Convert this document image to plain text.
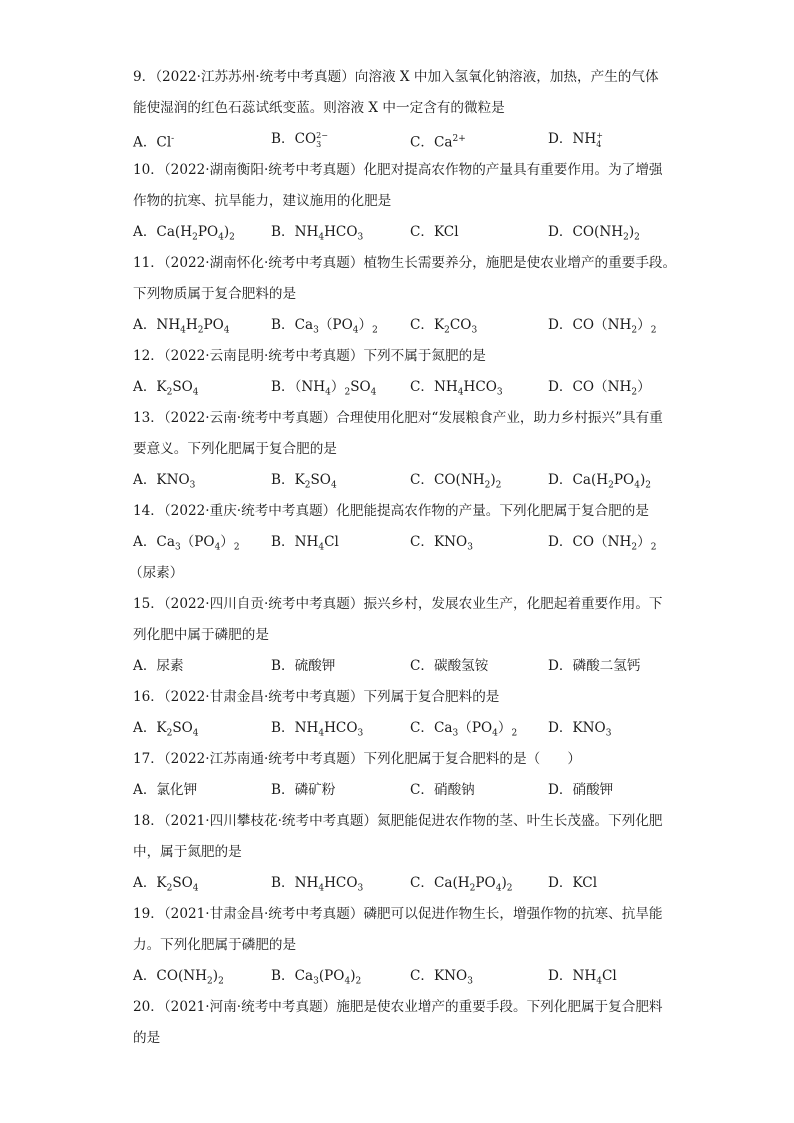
9．（2022·江苏苏州·统考中考真题）向溶液 X 中加入氢氧化钠溶液，加热，产生的气体
能使湿润的红色石蕊试纸变蓝。则溶液 X 中一定含有的微粒是
A．Cl-	B．CO 2−
3	C．$Ca^{2+}$	D．NH +
4
10．（2022·湖南衡阳·统考中考真题）化肥对提高农作物的产量具有重要作用。为了增强
作物的抗寒、抗旱能力，建议施用的化肥是
A．$Ca(H_2PO_4)_2$	B．$NH_4HCO_3$	C．KCl	D．$CO(NH_2)_2$
11．（2022·湖南怀化·统考中考真题）植物生长需要养分，施肥是使农业增产的重要手段。
下列物质属于复合肥料的是
A．$NH_4H_2PO_4$	B．$Ca_3(PO_4)_2$ C．$K_2CO_3$	D．$CO(NH_2)_2$
12．（2022·云南昆明·统考中考真题）下列不属于氮肥的是
A．$K_2SO_4$	B．$(NH_4)_2SO_4$ C．$NH_4HCO_3$	D．$CO(NH_2)$
13．（2022·云南·统考中考真题）合理使用化肥对“发展粮食产业，助力乡村振兴”具有重
要意义。下列化肥属于复合肥的是
A．$KNO_3$	B．$K_2SO_4$	C．$CO(NH_2)_2$	D．$Ca(H_2PO_4)_2$
14．（2022·重庆·统考中考真题）化肥能提高农作物的产量。下列化肥属于复合肥的是
A．$Ca_3(PO_4)_2$ B．$NH_4Cl$	C．$KNO_3$	D．$CO(NH_2)_2$
（尿素）
15．（2022·四川自贡·统考中考真题）振兴乡村，发展农业生产，化肥起着重要作用。下
列化肥中属于磷肥的是
A．尿素	B．硫酸钾	C．碳酸氢铵	D．磷酸二氢钙
16．（2022·甘肃金昌·统考中考真题）下列属于复合肥料的是
A．$K_2SO_4$	B．$NH_4HCO_3$	C．$Ca_3(PO_4)_2$ D．$KNO_3$
17．（2022·江苏南通·统考中考真题）下列化肥属于复合肥料的是（　　）
A．氯化钾	B．磷矿粉	C．硝酸钠	D．硝酸钾
18．（2021·四川攀枝花·统考中考真题）氮肥能促进农作物的茎、叶生长茂盛。下列化肥
中，属于氮肥的是
A．$K_2SO_4$	B．$NH_4HCO_3$	C．$Ca(H_2PO_4)_2$	D．KCl
19．（2021·甘肃金昌·统考中考真题）磷肥可以促进作物生长，增强作物的抗寒、抗旱能
力。下列化肥属于磷肥的是
A．$CO(NH_2)_2$	B．$Ca_3(PO_4)_2$	C．$KNO_3$	D．$NH_4Cl$
20．（2021·河南·统考中考真题）施肥是使农业增产的重要手段。下列化肥属于复合肥料
的是
